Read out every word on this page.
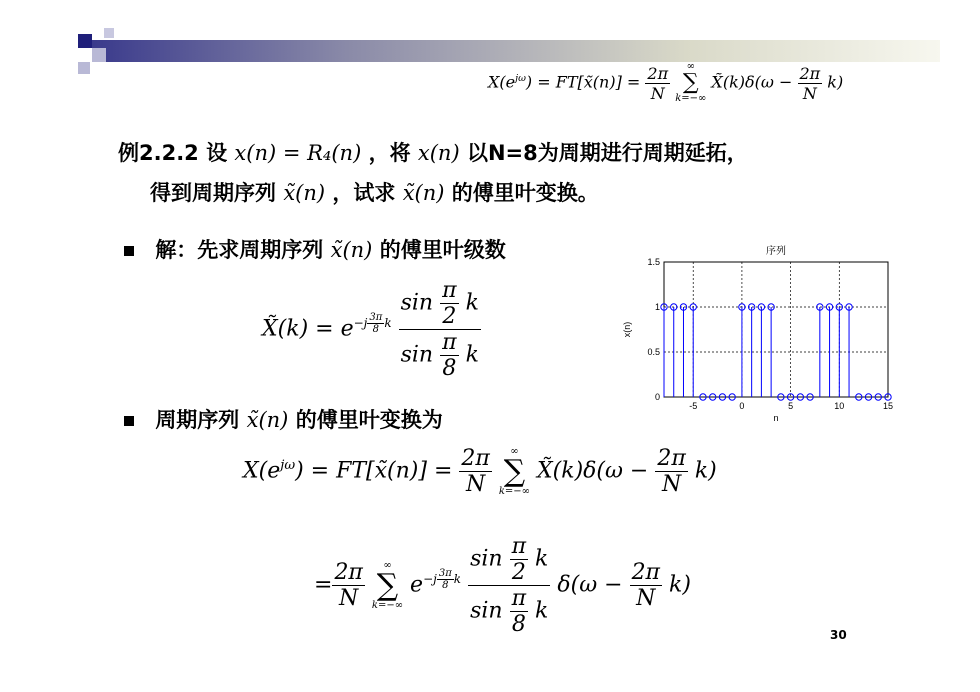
$X(e^{j\omega})$ = FT[x̃(n)] = $\frac{2\pi}{N}$
	∞
∑
k=−∞
X̃(k)δ(ω − $\frac{2\pi}{N} k$)
例2.2.2 设 x(n) = R₄(n) ，将 x(n) 以N=8为周期进行周期延拓，
得到周期序列 x̃(n) ，试求 x̃(n) 的傅里叶变换。
解：先求周期序列 x̃(n) 的傅里叶级数
X̃(k) = $e^{-j \frac{3\pi}{8} k} \frac{\sin \frac{\pi}{2} k}{\sin \frac{\pi}{8} k}$
-5	0	5	10	15
0
0.5
1
1.5
序列
n
x(n)
周期序列 x̃(n) 的傅里叶变换为
$X(e^{j\omega})$ = FT[x̃(n)] = $\frac{2\pi}{N}$
	∞
∑
k=−∞
X̃(k)δ(ω − $\frac{2\pi}{N} k$)
= $\frac{2\pi}{N}$
	∞
∑
k=−∞
$e^{-j \frac{3\pi}{8} k} \frac{\sin \frac{\pi}{2} k}{\sin \frac{\pi}{8} k} \delta(\omega - \frac{2\pi}{N} k)$
30
